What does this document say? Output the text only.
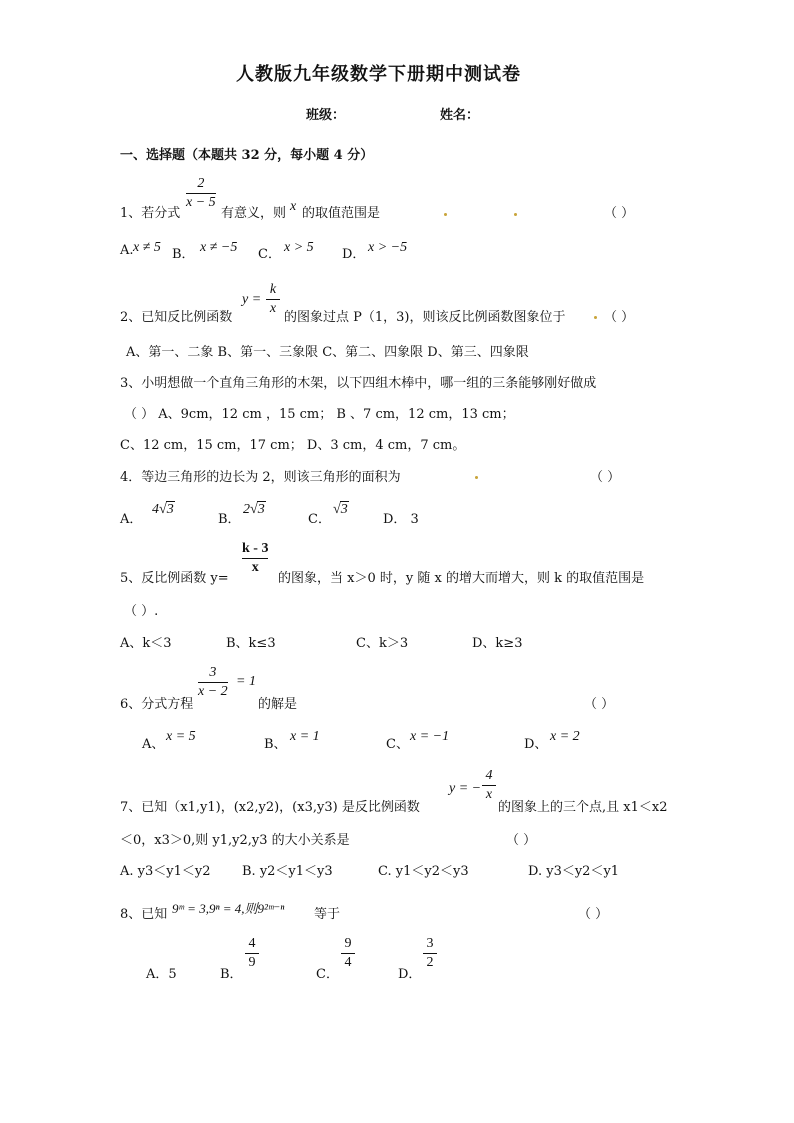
人教版九年级数学下册期中测试卷
班级：	姓名：
一、选择题（本题共 32 分，每小题 4 分）
2
x − 5
1、若分式	有意义，则 x 的取值范围是	（ ）
A. x ≠ 5 B． x ≠ −5 C． x > 5 D． x > −5
y =
k
x
2、已知反比例函数	的图象过点 P（1，3)，则该反比例函数图象位于	（ ）
A、第一、二象 B、第一、三象限 C、第二、四象限 D、第三、四象限
3、小明想做一个直角三角形的木架，以下四组木棒中，哪一组的三条能够刚好做成
（ ） A、9cm，12 cm ，15 cm； B 、7 cm，12 cm，13 cm；
C、12 cm，15 cm，17 cm； D、3 cm，4 cm，7 cm。
4．等边三角形的边长为 2，则该三角形的面积为	（ ）
A．
4√3
B．
2√3
C．
√3
D． 3
k - 3
x
5、反比例函数 y=	的图象，当 x＞0 时，y 随 x 的增大而增大，则 k 的取值范围是
（ ）.
A、k＜3	B、k≤3	C、k＞3	D、k≥3
3
x − 2
= 1
6、分式方程	的解是	（ ）
A、
x = 5
B、
x = 1
C、
x = −1
D、
x = 2
y = −
4
x
7、已知（x1,y1)，(x2,y2)，(x3,y3) 是反比例函数	的图象上的三个点,且 x1＜x2
＜0，x3＞0,则 y1,y2,y3 的大小关系是	（ ）
A. y3＜y1＜y2 B. y2＜y1＜y3	C. y1＜y2＜y3	D. y3＜y2＜y1
8、已知 9ᵐ = 3,9ⁿ = 4,则9²ᵐ⁻ⁿ 等于	（ ）
A．5	B．
4
9
C．
9
4
D．
3
2
